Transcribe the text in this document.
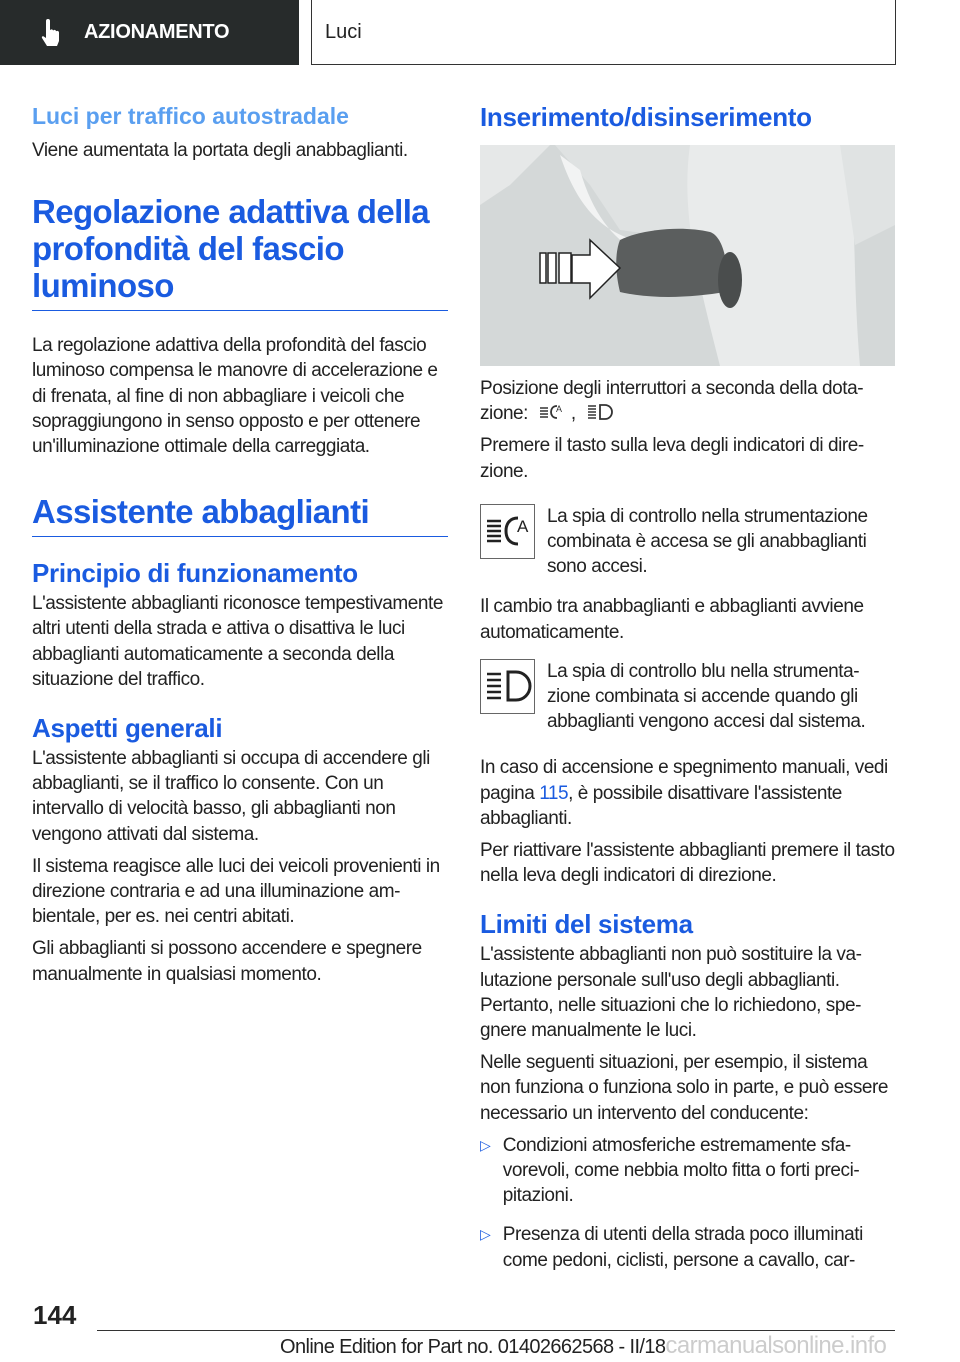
AZIONAMENTO	Luci
Luci per traffico autostradale
Viene aumentata la portata degli anabbaglianti.
Regolazione adattiva della profondità del fascio luminoso
La regolazione adattiva della profondità del fascio luminoso compensa le manovre di accelerazione e di frenata, al fine di non abbagliare i veicoli che sopraggiungono in senso opposto e per ottenere un'illuminazione ottimale della carreggiata.
Assistente abbaglianti
Principio di funzionamento
L'assistente abbaglianti riconosce tempestivamente altri utenti della strada e attiva o disattiva le luci abbaglianti automaticamente a seconda della situazione del traffico.
Aspetti generali
L'assistente abbaglianti si occupa di accendere gli abbaglianti, se il traffico lo consente. Con un intervallo di velocità basso, gli abbaglianti non vengono attivati dal sistema.
Il sistema reagisce alle luci dei veicoli provenienti in direzione contraria e ad una illuminazione ambientale, per es. nei centri abitati.
Gli abbaglianti si possono accendere e spegnere manualmente in qualsiasi momento.
Inserimento/disinserimento
Posizione degli interruttori a seconda della dotazione:	A ,
Premere il tasto sulla leva degli indicatori di direzione.
A La spia di controllo nella strumentazione combinata è accesa se gli anabbaglianti sono accesi.
Il cambio tra anabbaglianti e abbaglianti avviene automaticamente.
La spia di controllo blu nella strumentazione combinata si accende quando gli abbaglianti vengono accesi dal sistema.
In caso di accensione e spegnimento manuali, vedi pagina 115, è possibile disattivare l'assistente abbaglianti.
Per riattivare l'assistente abbaglianti premere il tasto nella leva degli indicatori di direzione.
Limiti del sistema
L'assistente abbaglianti non può sostituire la valutazione personale sull'uso degli abbaglianti. Pertanto, nelle situazioni che lo richiedono, spegnere manualmente le luci.
Nelle seguenti situazioni, per esempio, il sistema non funziona o funziona solo in parte, e può essere necessario un intervento del conducente:
▷ Condizioni atmosferiche estremamente sfavorevoli, come nebbia molto fitta o forti precipitazioni.
▷ Presenza di utenti della strada poco illuminati come pedoni, ciclisti, persone a cavallo, car-
144
Online Edition for Part no. 01402662568 - II/18carmanualsonline.info
